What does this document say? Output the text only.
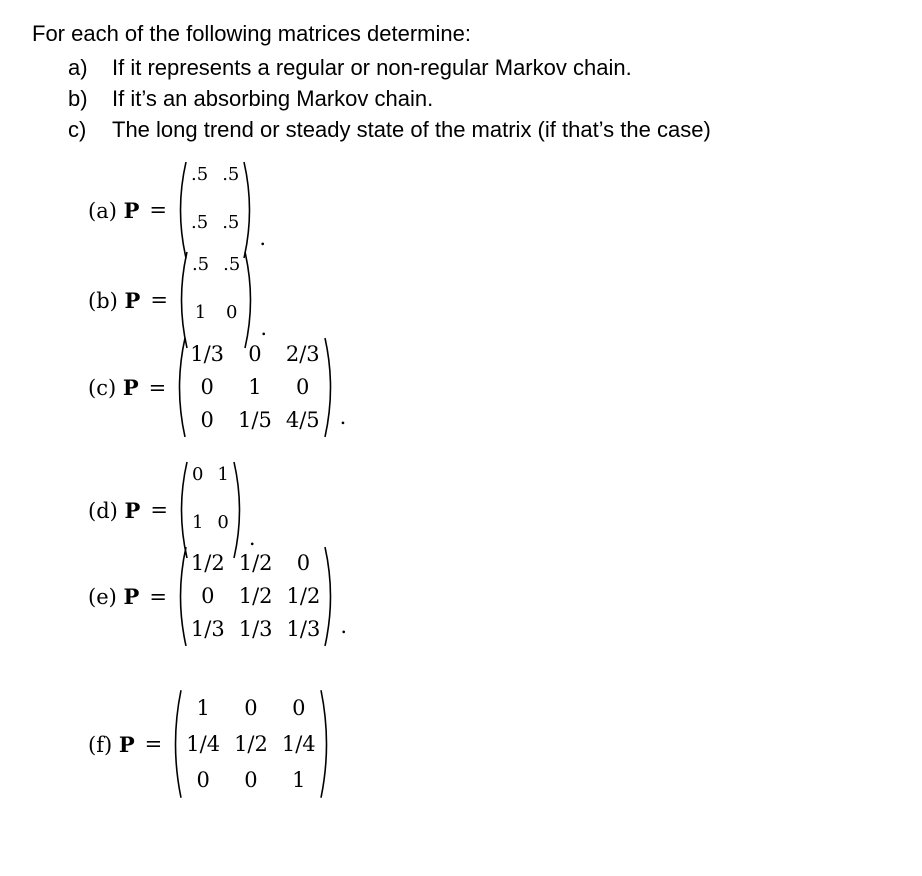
For each of the following matrices determine:
a) If it represents a regular or non-regular Markov chain.
b) If it’s an absorbing Markov chain.
c) The long trend or steady state of the matrix (if that’s the case)
(a) P =
.5 .5
.5 .5
.
(b) P =
.5 .5
1 0
.
(c) P =
1/3	0	2/3
0	1	0
0	1/5 4/5 .
(d) P =
0 1
1 0
.
(e) P =
1/2 1/2	0
0	1/2 1/2
1/3 1/3 1/3 .
(f) P =
1	0	0
1/4 1/2 1/4
0	0	1
